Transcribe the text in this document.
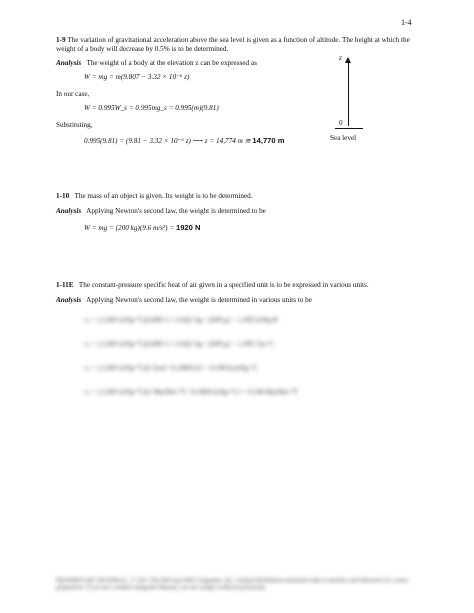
1-4
1-9 The variation of gravitational acceleration above the sea level is given as a function of altitude. The height at which the weight of a body will decrease by 0.5% is to be determined.
Analysis The weight of a body at the elevation z can be expressed as
W = mg = m(9.807 − 3.32 × 10⁻⁶ z)
In our case,
W = 0.995W_s = 0.995mg_s = 0.995(m)(9.81)
Substituting,
0.995(9.81) = (9.81 − 3.32 × 10⁻⁶ z) ⟶ z = 14,774 m ≅ 14,770 m
z
0
Sea level
1-10 The mass of an object is given. Its weight is to be determined.
Analysis Applying Newton's second law, the weight is determined to be
W = mg = (200 kg)(9.6 m/s²) = 1920 N
1-11E The constant-pressure specific heat of air given in a specified unit is to be expressed in various units.
Analysis Applying Newton's second law, the weight is determined in various units to be
cₚ = (1.005 kJ/kg·°C)(1000 J / 1 kJ)(1 kg / 1000 g) = 1.005 kJ/kg·K
cₚ = (1.005 kJ/kg·°C)(1000 J / 1 kJ)(1 kg / 1000 g) = 1.005 J/g·°C
cₚ = (1.005 kJ/kg·°C)(1 kcal / 4.1868 kJ) = 0.240 kcal/kg·°C
cₚ = (1.005 kJ/kg·°C)(1 Btu/lbm·°F / 4.1868 kJ/kg·°C) = 0.240 Btu/lbm·°F
PROPRIETARY MATERIAL. © 2011 The McGraw-Hill Companies, Inc. Limited distribution permitted only to teachers and educators for course preparation. If you are a student using this Manual, you are using it without permission.
